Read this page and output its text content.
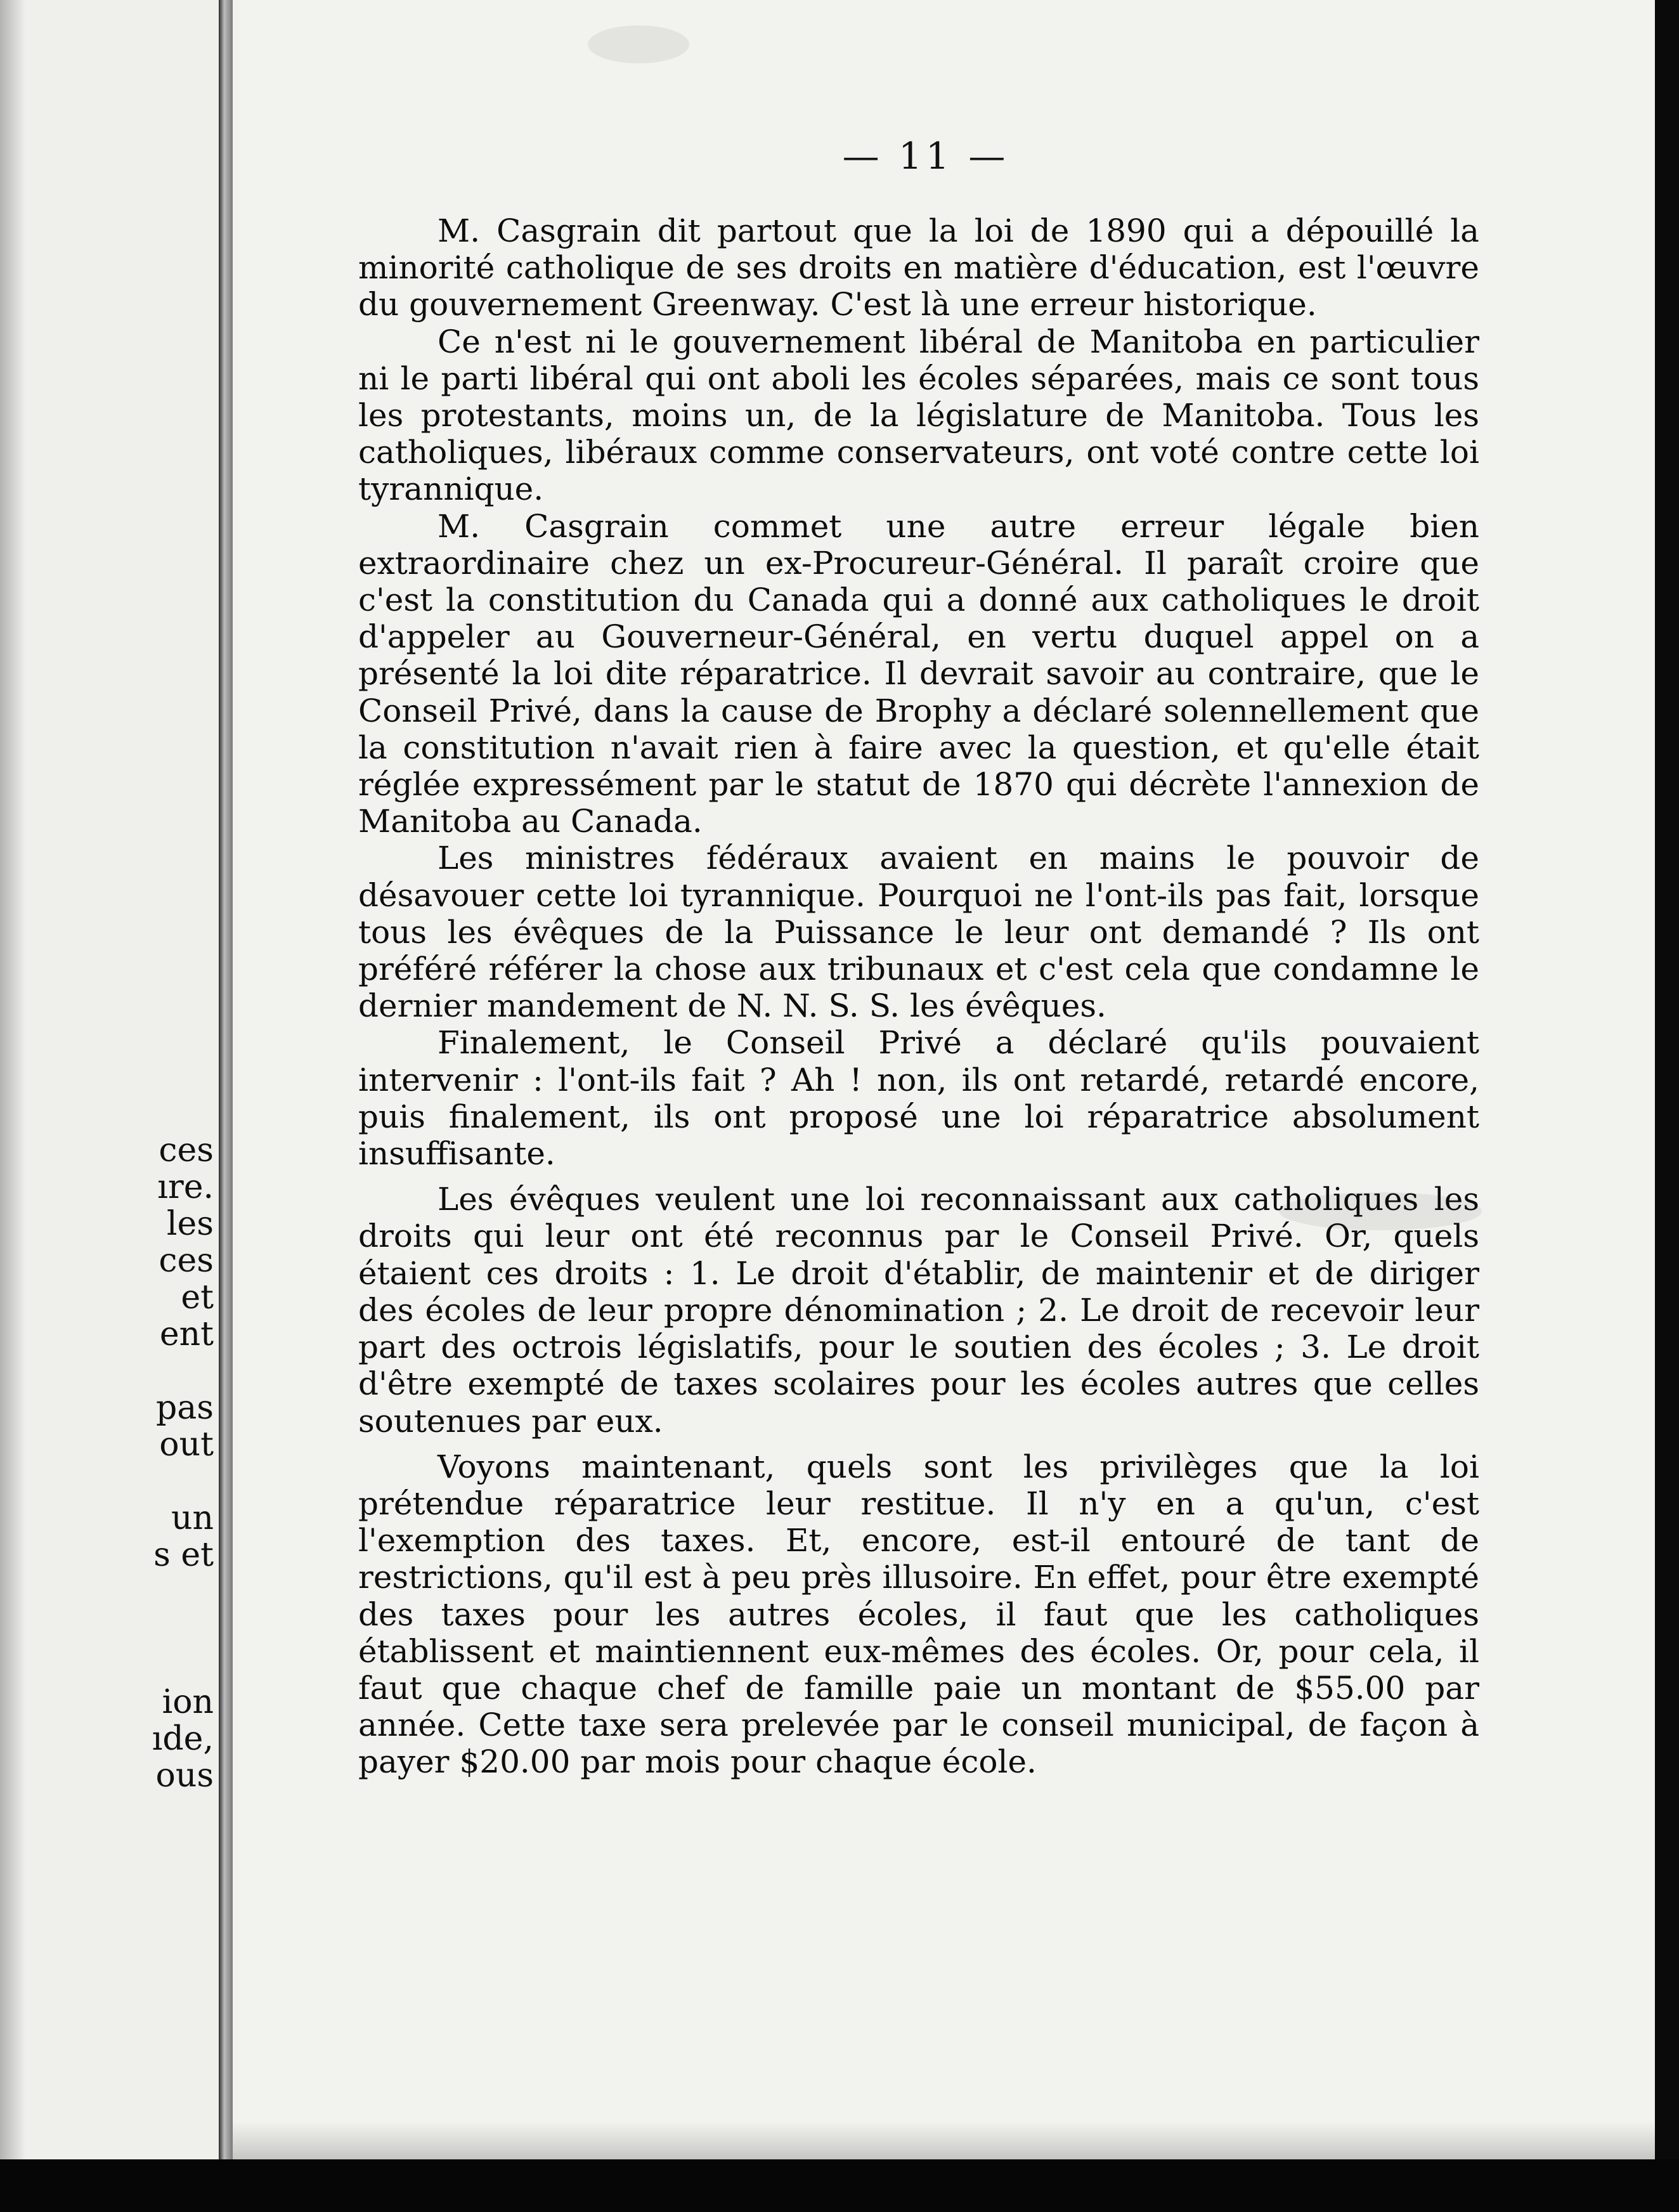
ces
ıre.
les
ces
et
ent
pas
out
un
s et
ion
ıde,
ous
— 11 —

M. Casgrain dit partout que la loi de 1890 qui a dépouillé la minorité catholique de ses droits en matière d'éducation, est l'œuvre du gouvernement Greenway. C'est là une erreur historique.

Ce n'est ni le gouvernement libéral de Manitoba en particulier ni le parti libéral qui ont aboli les écoles séparées, mais ce sont tous les protestants, moins un, de la législature de Manitoba. Tous les catholiques, libéraux comme conservateurs, ont voté contre cette loi tyrannique.

M. Casgrain commet une autre erreur légale bien extraordinaire chez un ex-Procureur-Général. Il paraît croire que c'est la constitution du Canada qui a donné aux catholiques le droit d'appeler au Gouverneur-Général, en vertu duquel appel on a présenté la loi dite réparatrice. Il devrait savoir au contraire, que le Conseil Privé, dans la cause de Brophy a déclaré solennellement que la constitution n'avait rien à faire avec la question, et qu'elle était réglée expressément par le statut de 1870 qui décrète l'annexion de Manitoba au Canada.

Les ministres fédéraux avaient en mains le pouvoir de désavouer cette loi tyrannique. Pourquoi ne l'ont-ils pas fait, lorsque tous les évêques de la Puissance le leur ont demandé ? Ils ont préféré référer la chose aux tribunaux et c'est cela que condamne le dernier mandement de N. N. S. S. les évêques.

Finalement, le Conseil Privé a déclaré qu'ils pouvaient intervenir : l'ont-ils fait ? Ah ! non, ils ont retardé, retardé encore, puis finalement, ils ont proposé une loi réparatrice absolument insuffisante.

Les évêques veulent une loi reconnaissant aux catholiques les droits qui leur ont été reconnus par le Conseil Privé. Or, quels étaient ces droits : 1. Le droit d'établir, de maintenir et de diriger des écoles de leur propre dénomination ; 2. Le droit de recevoir leur part des octrois législatifs, pour le soutien des écoles ; 3. Le droit d'être exempté de taxes scolaires pour les écoles autres que celles soutenues par eux.

Voyons maintenant, quels sont les privilèges que la loi prétendue réparatrice leur restitue. Il n'y en a qu'un, c'est l'exemption des taxes. Et, encore, est-il entouré de tant de restrictions, qu'il est à peu près illusoire. En effet, pour être exempté des taxes pour les autres écoles, il faut que les catholiques établissent et maintiennent eux-mêmes des écoles. Or, pour cela, il faut que chaque chef de famille paie un montant de $55.00 par année. Cette taxe sera prelevée par le conseil municipal, de façon à payer $20.00 par mois pour chaque école.
